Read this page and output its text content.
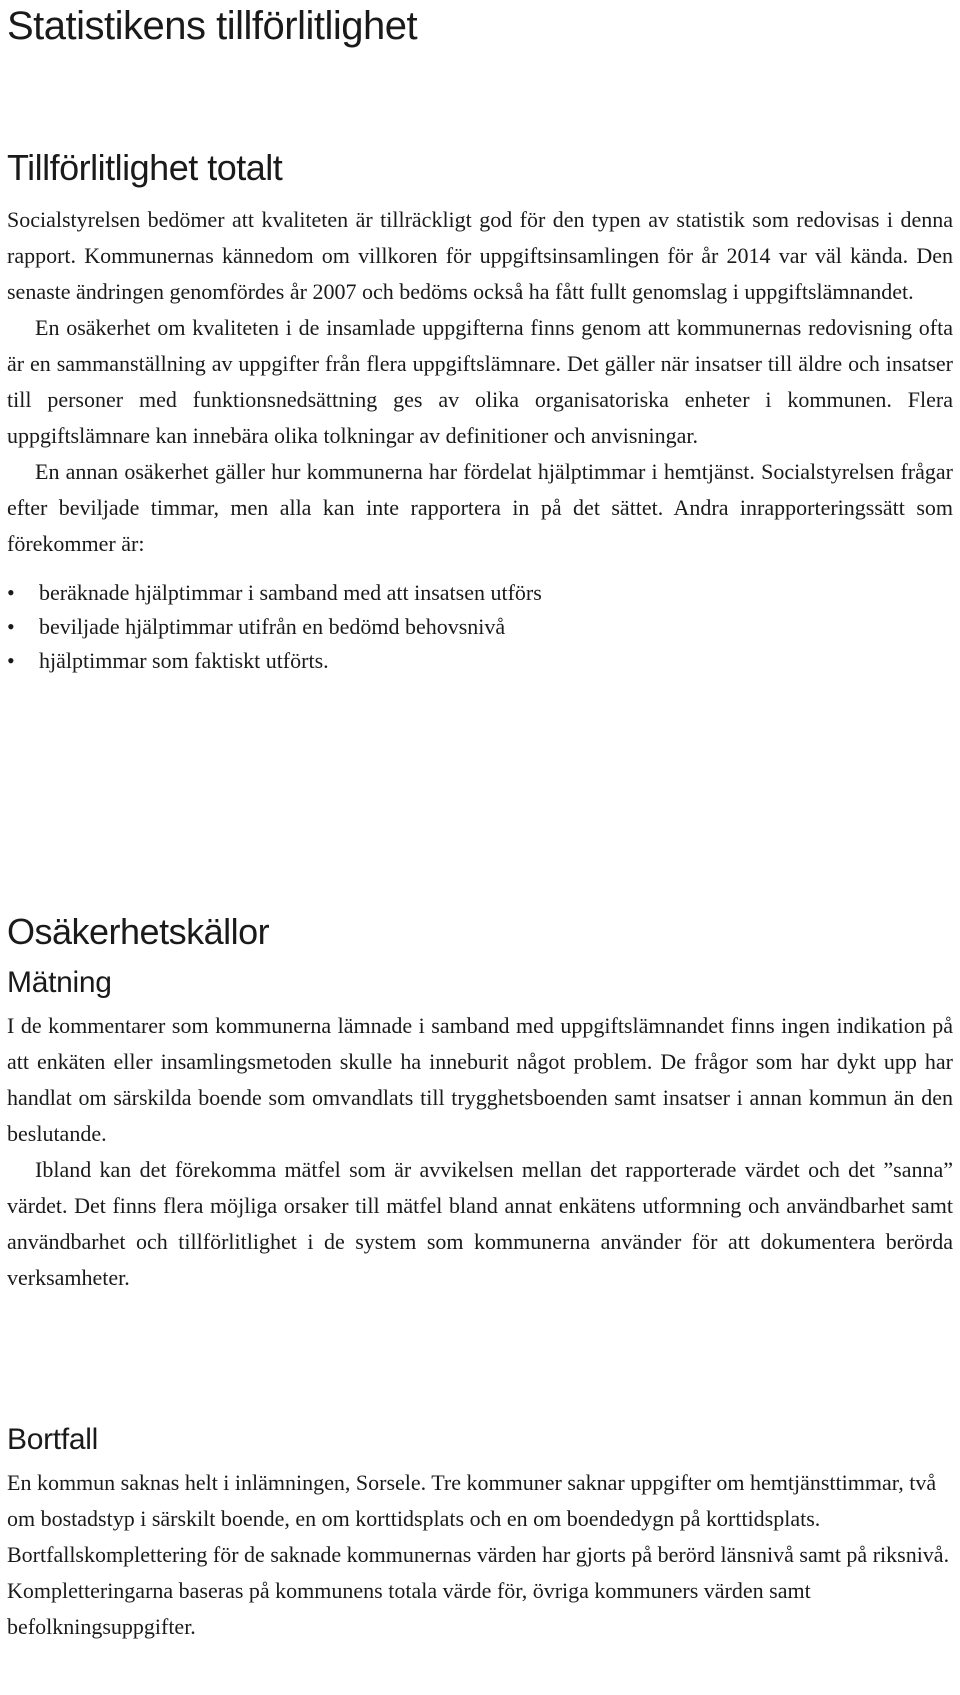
Statistikens tillförlitlighet
Tillförlitlighet totalt

Socialstyrelsen bedömer att kvaliteten är tillräckligt god för den typen av statistik som redovisas i denna rapport. Kommunernas kännedom om villkoren för uppgiftsinsamlingen för år 2014 var väl kända. Den senaste ändringen genomfördes år 2007 och bedöms också ha fått fullt genomslag i uppgiftslämnandet.

En osäkerhet om kvaliteten i de insamlade uppgifterna finns genom att kommunernas redovisning ofta är en sammanställning av uppgifter från flera uppgiftslämnare. Det gäller när insatser till äldre och insatser till personer med funktionsnedsättning ges av olika organisatoriska enheter i kommunen. Flera uppgiftslämnare kan innebära olika tolkningar av definitioner och anvisningar.

En annan osäkerhet gäller hur kommunerna har fördelat hjälptimmar i hemtjänst. Socialstyrelsen frågar efter beviljade timmar, men alla kan inte rapportera in på det sättet. Andra inrapporteringssätt som förekommer är:

•	beräknade hjälptimmar i samband med att insatsen utförs
•	beviljade hjälptimmar utifrån en bedömd behovsnivå
•	hjälptimmar som faktiskt utförts.
Osäkerhetskällor
Mätning

I de kommentarer som kommunerna lämnade i samband med uppgiftslämnandet finns ingen indikation på att enkäten eller insamlingsmetoden skulle ha inneburit något problem. De frågor som har dykt upp har handlat om särskilda boende som omvandlats till trygghetsboenden samt insatser i annan kommun än den beslutande.

Ibland kan det förekomma mätfel som är avvikelsen mellan det rapporterade värdet och det ”sanna” värdet. Det finns flera möjliga orsaker till mätfel bland annat enkätens utformning och användbarhet samt användbarhet och tillförlitlighet i de system som kommunerna använder för att dokumentera berörda verksamheter.

Bortfall

En kommun saknas helt i inlämningen, Sorsele. Tre kommuner saknar uppgifter om hemtjänsttimmar, två om bostadstyp i särskilt boende, en om korttidsplats och en om boendedygn på korttidsplats. Bortfallskomplettering för de saknade kommunernas värden har gjorts på berörd länsnivå samt på riksnivå. Kompletteringarna baseras på kommunens totala värde för, övriga kommuners värden samt befolkningsuppgifter.
